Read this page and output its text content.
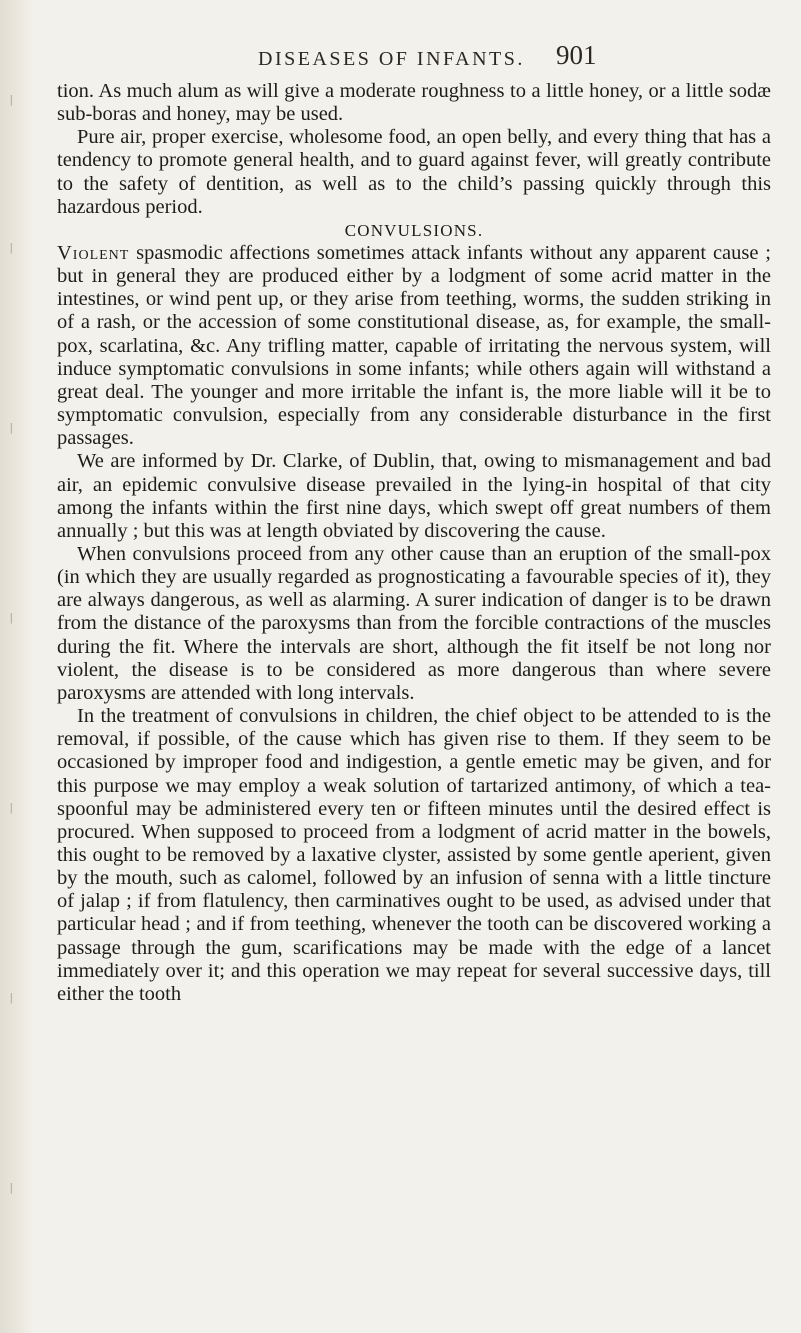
|
|
|
|
|
|
|
DISEASES OF INFANTS. 901

tion. As much alum as will give a moderate roughness to a little honey, or a little sodæ sub-boras and honey, may be used.

Pure air, proper exercise, wholesome food, an open belly, and every thing that has a tendency to promote general health, and to guard against fever, will greatly contribute to the safety of dentition, as well as to the child’s passing quickly through this hazardous period.

CONVULSIONS.

Violent spasmodic affections sometimes attack infants without any apparent cause ; but in general they are produced either by a lodgment of some acrid matter in the intestines, or wind pent up, or they arise from teething, worms, the sudden striking in of a rash, or the accession of some constitutional disease, as, for example, the small-pox, scarlatina, &c. Any trifling matter, capable of irritating the nervous system, will induce symptomatic convulsions in some infants; while others again will withstand a great deal. The younger and more irritable the infant is, the more liable will it be to symptomatic convulsion, especially from any considerable disturbance in the first passages.

We are informed by Dr. Clarke, of Dublin, that, owing to mismanagement and bad air, an epidemic convulsive disease prevailed in the lying-in hospital of that city among the infants within the first nine days, which swept off great numbers of them annually ; but this was at length obviated by discovering the cause.

When convulsions proceed from any other cause than an eruption of the small-pox (in which they are usually regarded as prognosticating a favourable species of it), they are always dangerous, as well as alarming. A surer indication of danger is to be drawn from the distance of the paroxysms than from the forcible contractions of the muscles during the fit. Where the intervals are short, although the fit itself be not long nor violent, the disease is to be considered as more dangerous than where severe paroxysms are attended with long intervals.

In the treatment of convulsions in children, the chief object to be attended to is the removal, if possible, of the cause which has given rise to them. If they seem to be occasioned by improper food and indigestion, a gentle emetic may be given, and for this purpose we may employ a weak solution of tartarized antimony, of which a tea-spoonful may be administered every ten or fifteen minutes until the desired effect is procured. When supposed to proceed from a lodgment of acrid matter in the bowels, this ought to be removed by a laxative clyster, assisted by some gentle aperient, given by the mouth, such as calomel, followed by an infusion of senna with a little tincture of jalap ; if from flatulency, then carminatives ought to be used, as advised under that particular head ; and if from teething, whenever the tooth can be discovered working a passage through the gum, scarifications may be made with the edge of a lancet immediately over it; and this operation we may repeat for several successive days, till either the tooth
